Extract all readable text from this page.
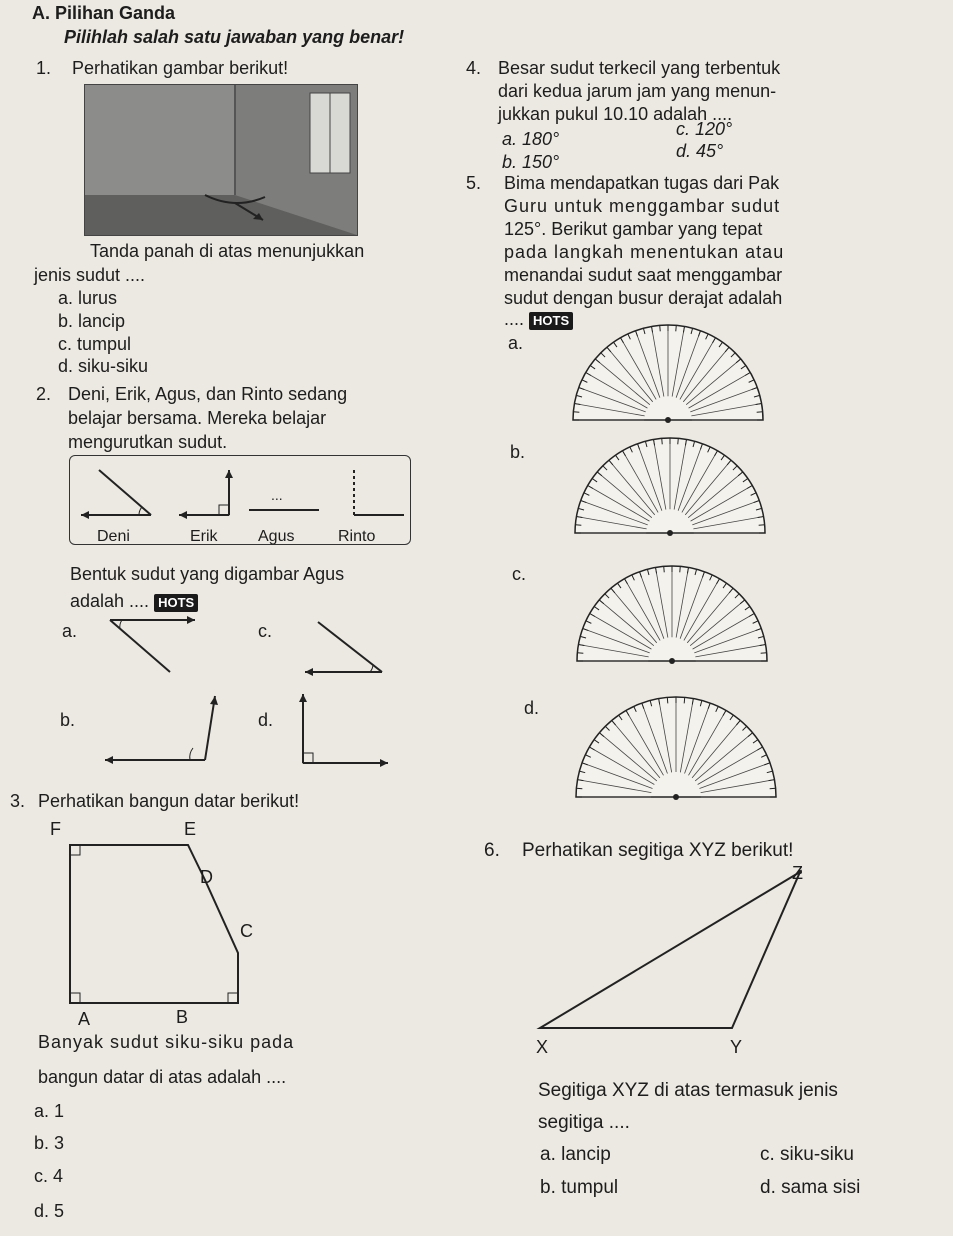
A. Pilihan Ganda
Pilihlah salah satu jawaban yang benar!
1. Perhatikan gambar berikut!
Tanda panah di atas menunjukkan
jenis sudut ....
a. lurus
b. lancip
c. tumpul
d. siku-siku
2. Deni, Erik, Agus, dan Rinto sedang
belajar bersama. Mereka belajar
mengurutkan sudut.
...
Deni	Erik	Agus	Rinto
Bentuk sudut yang digambar Agus
adalah .... HOTS
a.	c.
b.	d.
3. Perhatikan bangun datar berikut!
F	E
D
C
A	B
Banyak sudut siku-siku pada
bangun datar di atas adalah ....
a. 1
b. 3
c. 4
d. 5
4. Besar sudut terkecil yang terbentuk
dari kedua jarum jam yang menun-
jukkan pukul 10.10 adalah ....
a. 180°
b. 150°
c. 120°
d. 45°
5. Bima mendapatkan tugas dari Pak
Guru untuk menggambar sudut
125°. Berikut gambar yang tepat
pada langkah menentukan atau
menandai sudut saat menggambar
sudut dengan busur derajat adalah
.... HOTS
a.
b.
c.
d.
6. Perhatikan segitiga XYZ berikut!
Z
X	Y
Segitiga XYZ di atas termasuk jenis
segitiga ....
a. lancip
b. tumpul
c. siku-siku
d. sama sisi
